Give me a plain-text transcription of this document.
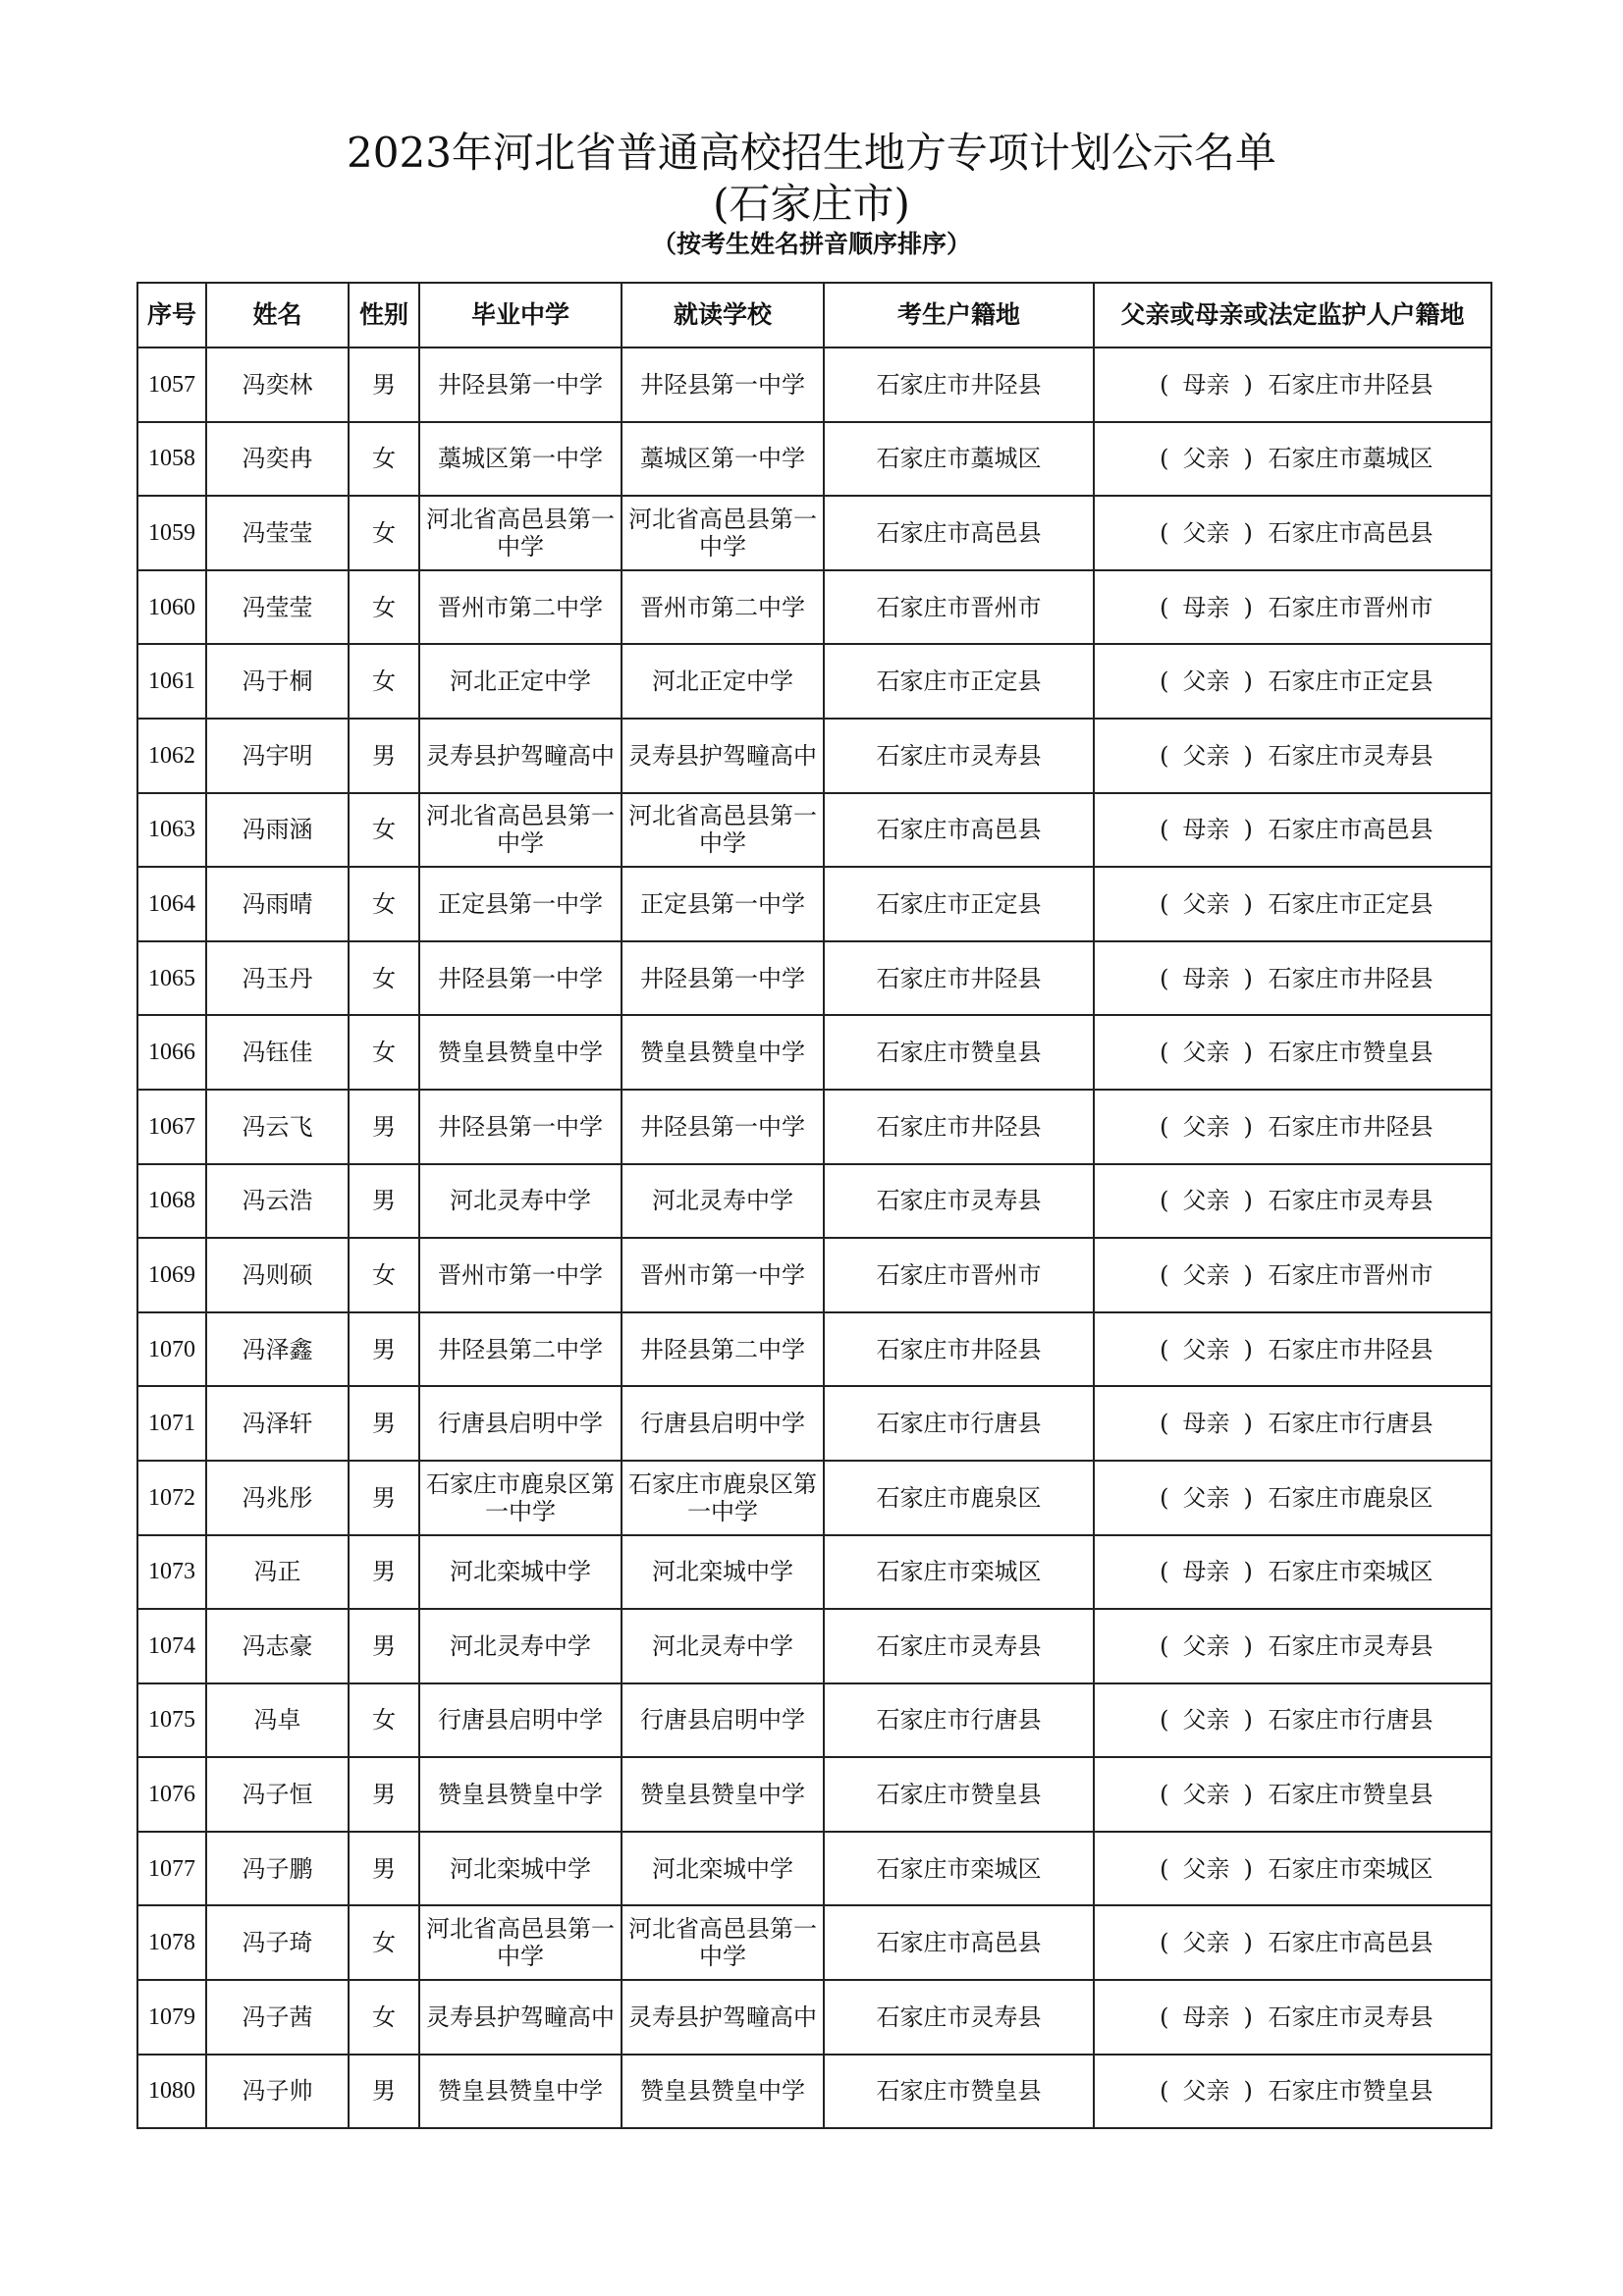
2023年河北省普通高校招生地方专项计划公示名单
(石家庄市)
（按考生姓名拼音顺序排序）
序号	姓名	性别	毕业中学	就读学校	考生户籍地	父亲或母亲或法定监护人户籍地
1057	冯奕林	男	井陉县第一中学	井陉县第一中学	石家庄市井陉县	( 母亲 ) 石家庄市井陉县
1058	冯奕冉	女	藁城区第一中学	藁城区第一中学	石家庄市藁城区	( 父亲 ) 石家庄市藁城区
1059	冯莹莹	女	河北省高邑县第一中学	河北省高邑县第一中学	石家庄市高邑县	( 父亲 ) 石家庄市高邑县
1060	冯莹莹	女	晋州市第二中学	晋州市第二中学	石家庄市晋州市	( 母亲 ) 石家庄市晋州市
1061	冯于桐	女	河北正定中学	河北正定中学	石家庄市正定县	( 父亲 ) 石家庄市正定县
1062	冯宇明	男	灵寿县护驾疃高中	灵寿县护驾疃高中	石家庄市灵寿县	( 父亲 ) 石家庄市灵寿县
1063	冯雨涵	女	河北省高邑县第一中学	河北省高邑县第一中学	石家庄市高邑县	( 母亲 ) 石家庄市高邑县
1064	冯雨晴	女	正定县第一中学	正定县第一中学	石家庄市正定县	( 父亲 ) 石家庄市正定县
1065	冯玉丹	女	井陉县第一中学	井陉县第一中学	石家庄市井陉县	( 母亲 ) 石家庄市井陉县
1066	冯钰佳	女	赞皇县赞皇中学	赞皇县赞皇中学	石家庄市赞皇县	( 父亲 ) 石家庄市赞皇县
1067	冯云飞	男	井陉县第一中学	井陉县第一中学	石家庄市井陉县	( 父亲 ) 石家庄市井陉县
1068	冯云浩	男	河北灵寿中学	河北灵寿中学	石家庄市灵寿县	( 父亲 ) 石家庄市灵寿县
1069	冯则硕	女	晋州市第一中学	晋州市第一中学	石家庄市晋州市	( 父亲 ) 石家庄市晋州市
1070	冯泽鑫	男	井陉县第二中学	井陉县第二中学	石家庄市井陉县	( 父亲 ) 石家庄市井陉县
1071	冯泽轩	男	行唐县启明中学	行唐县启明中学	石家庄市行唐县	( 母亲 ) 石家庄市行唐县
1072	冯兆彤	男	石家庄市鹿泉区第一中学	石家庄市鹿泉区第一中学	石家庄市鹿泉区	( 父亲 ) 石家庄市鹿泉区
1073	冯正	男	河北栾城中学	河北栾城中学	石家庄市栾城区	( 母亲 ) 石家庄市栾城区
1074	冯志豪	男	河北灵寿中学	河北灵寿中学	石家庄市灵寿县	( 父亲 ) 石家庄市灵寿县
1075	冯卓	女	行唐县启明中学	行唐县启明中学	石家庄市行唐县	( 父亲 ) 石家庄市行唐县
1076	冯子恒	男	赞皇县赞皇中学	赞皇县赞皇中学	石家庄市赞皇县	( 父亲 ) 石家庄市赞皇县
1077	冯子鹏	男	河北栾城中学	河北栾城中学	石家庄市栾城区	( 父亲 ) 石家庄市栾城区
1078	冯子琦	女	河北省高邑县第一中学	河北省高邑县第一中学	石家庄市高邑县	( 父亲 ) 石家庄市高邑县
1079	冯子茜	女	灵寿县护驾疃高中	灵寿县护驾疃高中	石家庄市灵寿县	( 母亲 ) 石家庄市灵寿县
1080	冯子帅	男	赞皇县赞皇中学	赞皇县赞皇中学	石家庄市赞皇县	( 父亲 ) 石家庄市赞皇县
